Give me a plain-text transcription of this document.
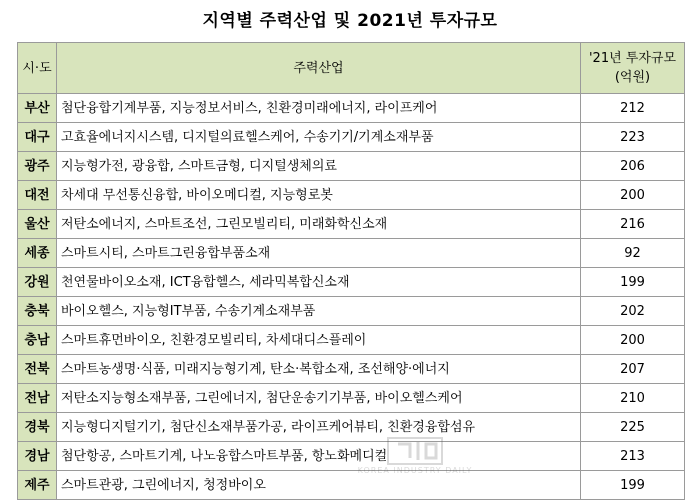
지역별 주력산업 및 2021년 투자규모
시·도	주력산업	'21년 투자규모
(억원)
부산	첨단융합기계부품, 지능정보서비스, 친환경미래에너지, 라이프케어	212
대구	고효율에너지시스템, 디지털의료헬스케어, 수송기기/기계소재부품	223
광주	지능형가전, 광융합, 스마트금형, 디지털생체의료	206
대전	차세대 무선통신융합, 바이오메디컬, 지능형로봇	200
울산	저탄소에너지, 스마트조선, 그린모빌리티, 미래화학신소재	216
세종	스마트시티, 스마트그린융합부품소재	92
강원	천연물바이오소재, ICT융합헬스, 세라믹복합신소재	199
충북	바이오헬스, 지능형IT부품, 수송기계소재부품	202
충남	스마트휴먼바이오, 친환경모빌리티, 차세대디스플레이	200
전북	스마트농생명·식품, 미래지능형기계, 탄소·복합소재, 조선해양·에너지	207
전남	저탄소지능형소재부품, 그린에너지, 첨단운송기기부품, 바이오헬스케어	210
경북	지능형디지털기기, 첨단신소재부품가공, 라이프케어뷰티, 친환경융합섬유	225
경남	첨단항공, 스마트기계, 나노융합스마트부품, 항노화메디컬	213
제주	스마트관광, 그린에너지, 청정바이오	199
KOREA INDUSTRY DAILY
